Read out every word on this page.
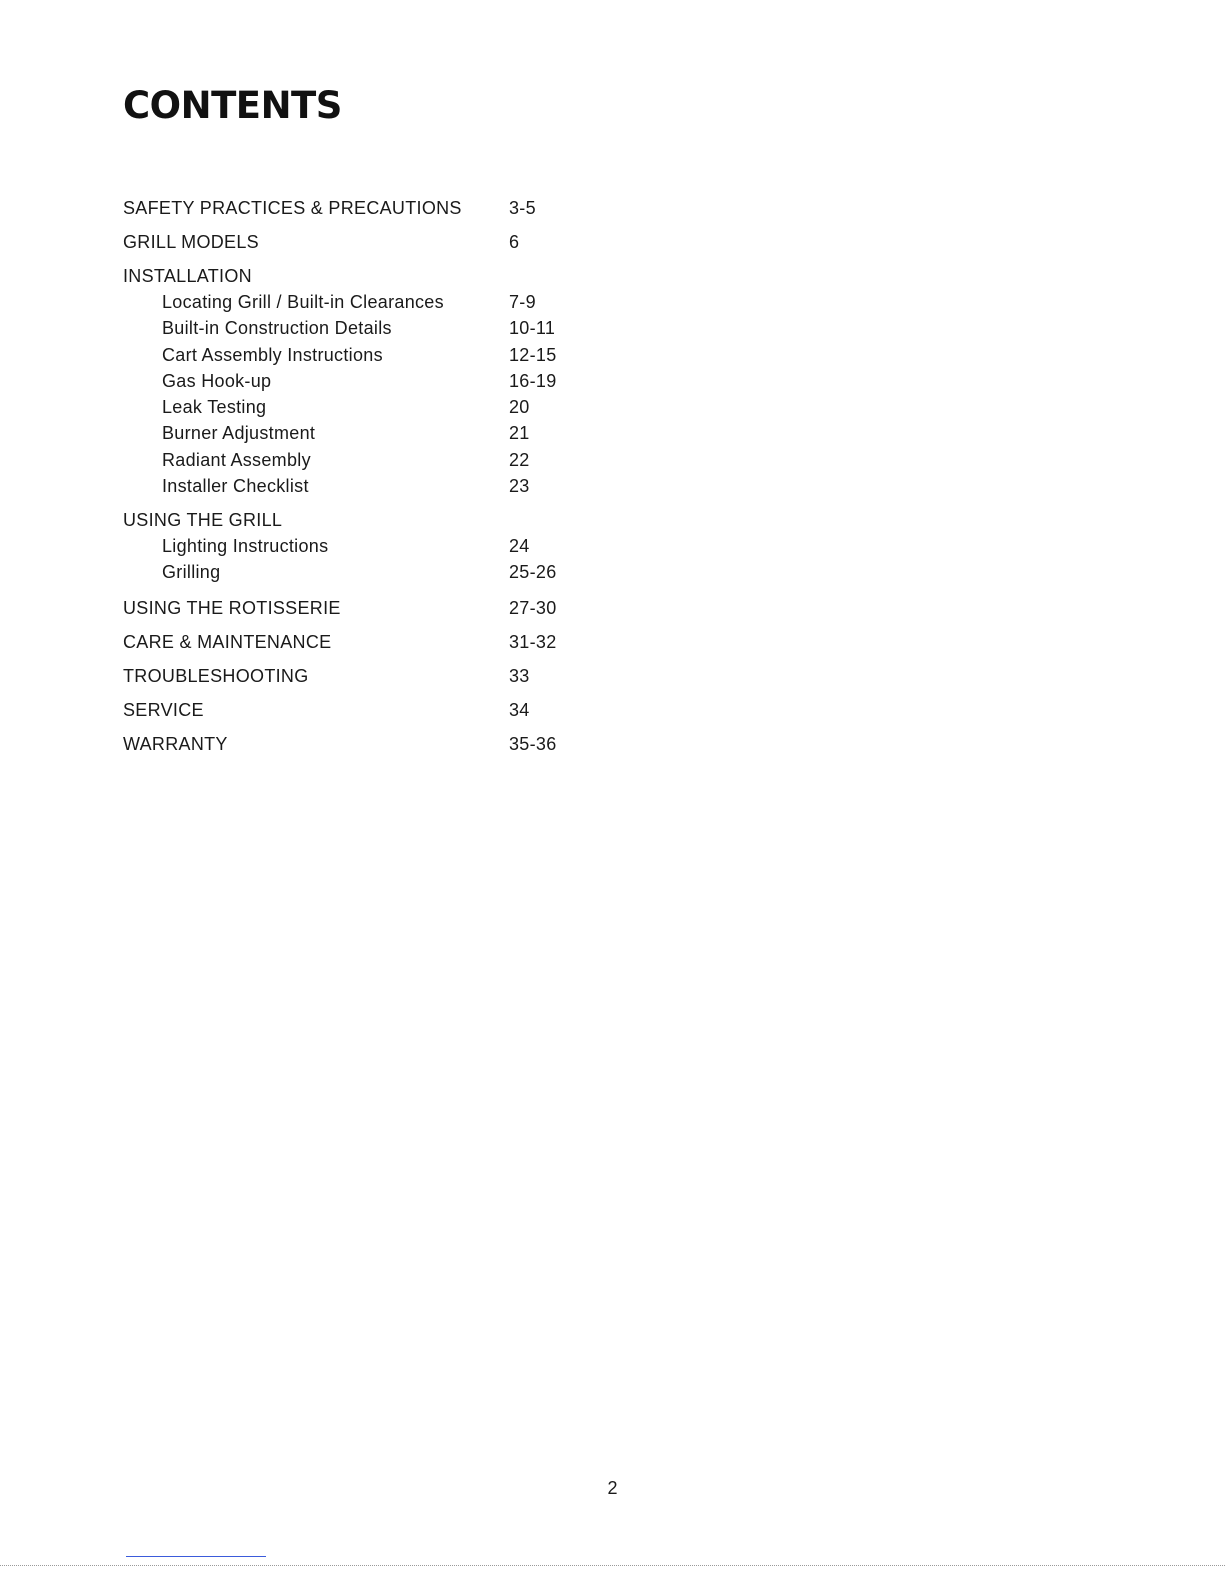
CONTENTS
SAFETY PRACTICES & PRECAUTIONS	3-5
GRILL MODELS	6
INSTALLATION
Locating Grill / Built-in Clearances	7-9
Built-in Construction Details	10-11
Cart Assembly Instructions	12-15
Gas Hook-up	16-19
Leak Testing	20
Burner Adjustment	21
Radiant Assembly	22
Installer Checklist	23
USING THE GRILL
Lighting Instructions	24
Grilling	25-26
USING THE ROTISSERIE	27-30
CARE & MAINTENANCE	31-32
TROUBLESHOOTING	33
SERVICE	34
WARRANTY	35-36
2
